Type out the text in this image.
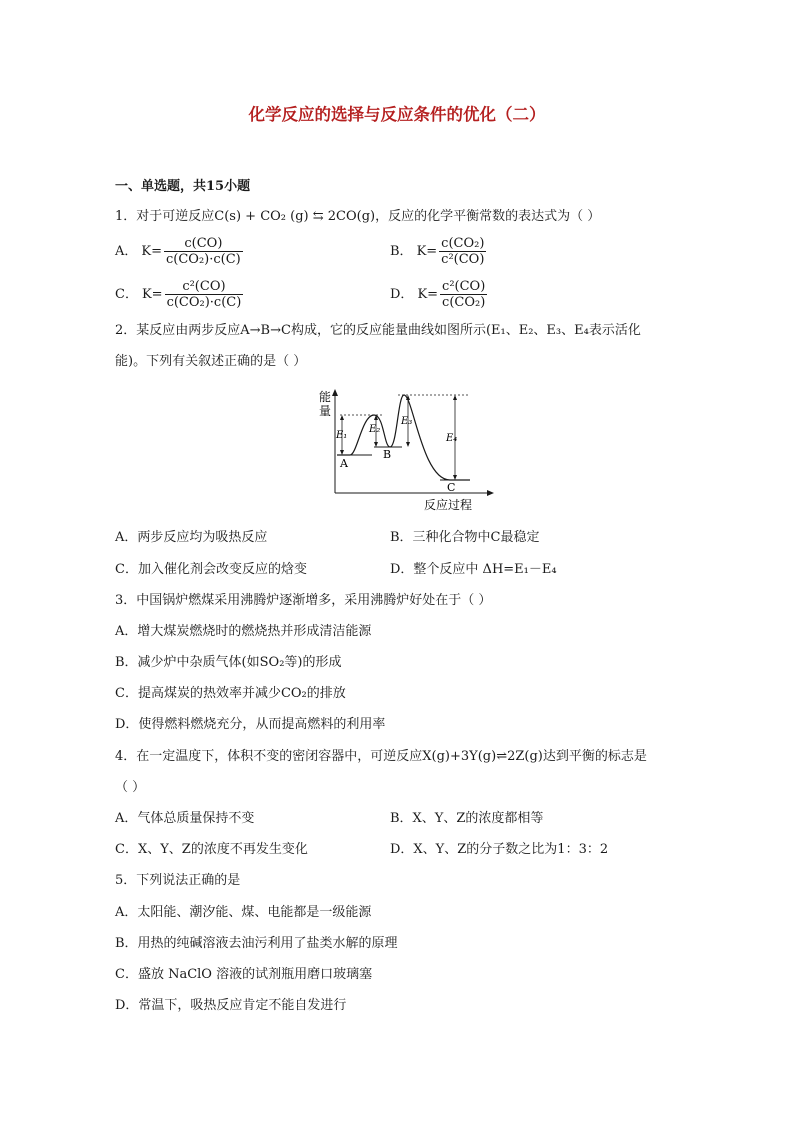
化学反应的选择与反应条件的优化（二）
一、单选题，共15小题
1．对于可逆反应C(s) + CO₂ (g) ⇆ 2CO(g)，反应的化学平衡常数的表达式为（ ）
A． $K= \frac{c(CO)}{\text{c(CO₂)·c(C)}}$	B． $K= \frac{\text{c(CO₂)}}{\text{c²(CO)}}$
C． $K= \frac{\text{c²(CO)}}{\text{c(CO₂)·c(C)}}$	D． $K= \frac{\text{c²(CO)}}{\text{c(CO₂)}}$
2．某反应由两步反应A→B→C构成，它的反应能量曲线如图所示(E₁、E₂、E₃、E₄表示活化
能)。下列有关叙述正确的是（ ）
能
量
反应过程
E₁
E₂
E₃
E₄
A
B
C
A．两步反应均为吸热反应	B．三种化合物中C最稳定
C．加入催化剂会改变反应的焓变	D．整个反应中 ΔH=E₁－E₄
3．中国锅炉燃煤采用沸腾炉逐渐增多，采用沸腾炉好处在于（ ）
A．增大煤炭燃烧时的燃烧热并形成清洁能源
B．减少炉中杂质气体(如SO₂等)的形成
C．提高煤炭的热效率并减少CO₂的排放
D．使得燃料燃烧充分，从而提高燃料的利用率
4．在一定温度下，体积不变的密闭容器中，可逆反应X(g)+3Y(g)⇌2Z(g)达到平衡的标志是
（ ）
A．气体总质量保持不变	B．X、Y、Z的浓度都相等
C．X、Y、Z的浓度不再发生变化	D．X、Y、Z的分子数之比为1：3：2
5．下列说法正确的是
A．太阳能、潮汐能、煤、电能都是一级能源
B．用热的纯碱溶液去油污利用了盐类水解的原理
C．盛放 NaClO 溶液的试剂瓶用磨口玻璃塞
D．常温下，吸热反应肯定不能自发进行
